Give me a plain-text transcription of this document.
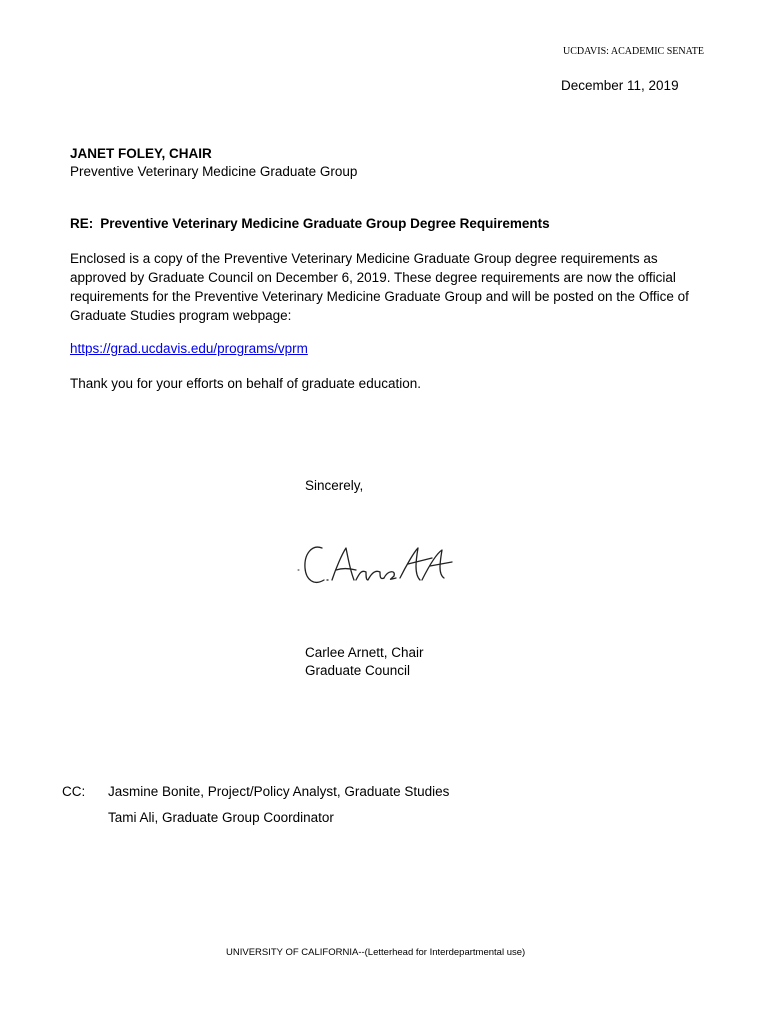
UCDAVIS: ACADEMIC SENATE
December 11, 2019
JANET FOLEY, CHAIR
Preventive Veterinary Medicine Graduate Group
RE: Preventive Veterinary Medicine Graduate Group Degree Requirements
Enclosed is a copy of the Preventive Veterinary Medicine Graduate Group degree requirements as approved by Graduate Council on December 6, 2019. These degree requirements are now the official requirements for the Preventive Veterinary Medicine Graduate Group and will be posted on the Office of Graduate Studies program webpage:
https://grad.ucdavis.edu/programs/vprm
Thank you for your efforts on behalf of graduate education.
Sincerely,
Carlee Arnett, Chair
Graduate Council
CC: Jasmine Bonite, Project/Policy Analyst, Graduate Studies
Tami Ali, Graduate Group Coordinator
UNIVERSITY OF CALIFORNIA--(Letterhead for Interdepartmental use)
